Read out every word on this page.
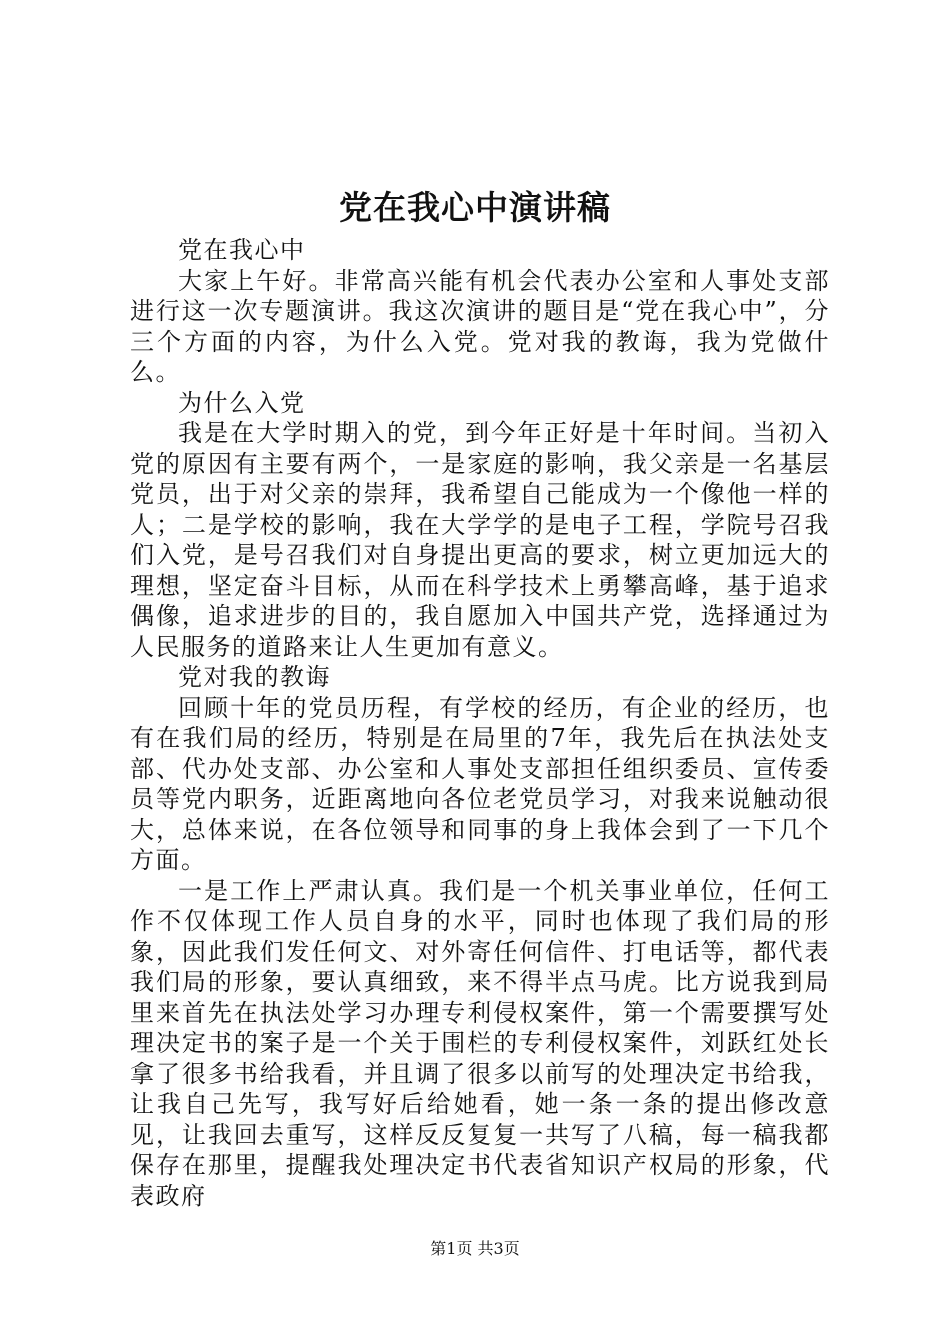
党在我心中演讲稿

党在我心中

大家上午好。非常高兴能有机会代表办公室和人事处支部进行这一次专题演讲。我这次演讲的题目是“党在我心中”，分三个方面的内容，为什么入党。党对我的教诲，我为党做什么。

为什么入党

我是在大学时期入的党，到今年正好是十年时间。当初入党的原因有主要有两个，一是家庭的影响，我父亲是一名基层党员，出于对父亲的崇拜，我希望自己能成为一个像他一样的人；二是学校的影响，我在大学学的是电子工程，学院号召我们入党，是号召我们对自身提出更高的要求，树立更加远大的理想，坚定奋斗目标，从而在科学技术上勇攀高峰，基于追求偶像，追求进步的目的，我自愿加入中国共产党，选择通过为人民服务的道路来让人生更加有意义。

党对我的教诲

回顾十年的党员历程，有学校的经历，有企业的经历，也有在我们局的经历，特别是在局里的7年，我先后在执法处支部、代办处支部、办公室和人事处支部担任组织委员、宣传委员等党内职务，近距离地向各位老党员学习，对我来说触动很大，总体来说，在各位领导和同事的身上我体会到了一下几个方面。

一是工作上严肃认真。我们是一个机关事业单位，任何工作不仅体现工作人员自身的水平，同时也体现了我们局的形象，因此我们发任何文、对外寄任何信件、打电话等，都代表我们局的形象，要认真细致，来不得半点马虎。比方说我到局里来首先在执法处学习办理专利侵权案件，第一个需要撰写处理决定书的案子是一个关于围栏的专利侵权案件，刘跃红处长拿了很多书给我看，并且调了很多以前写的处理决定书给我，让我自己先写，我写好后给她看，她一条一条的提出修改意见，让我回去重写，这样反反复复一共写了八稿，每一稿我都保存在那里，提醒我处理决定书代表省知识产权局的形象，代表政府

第1页 共3页
